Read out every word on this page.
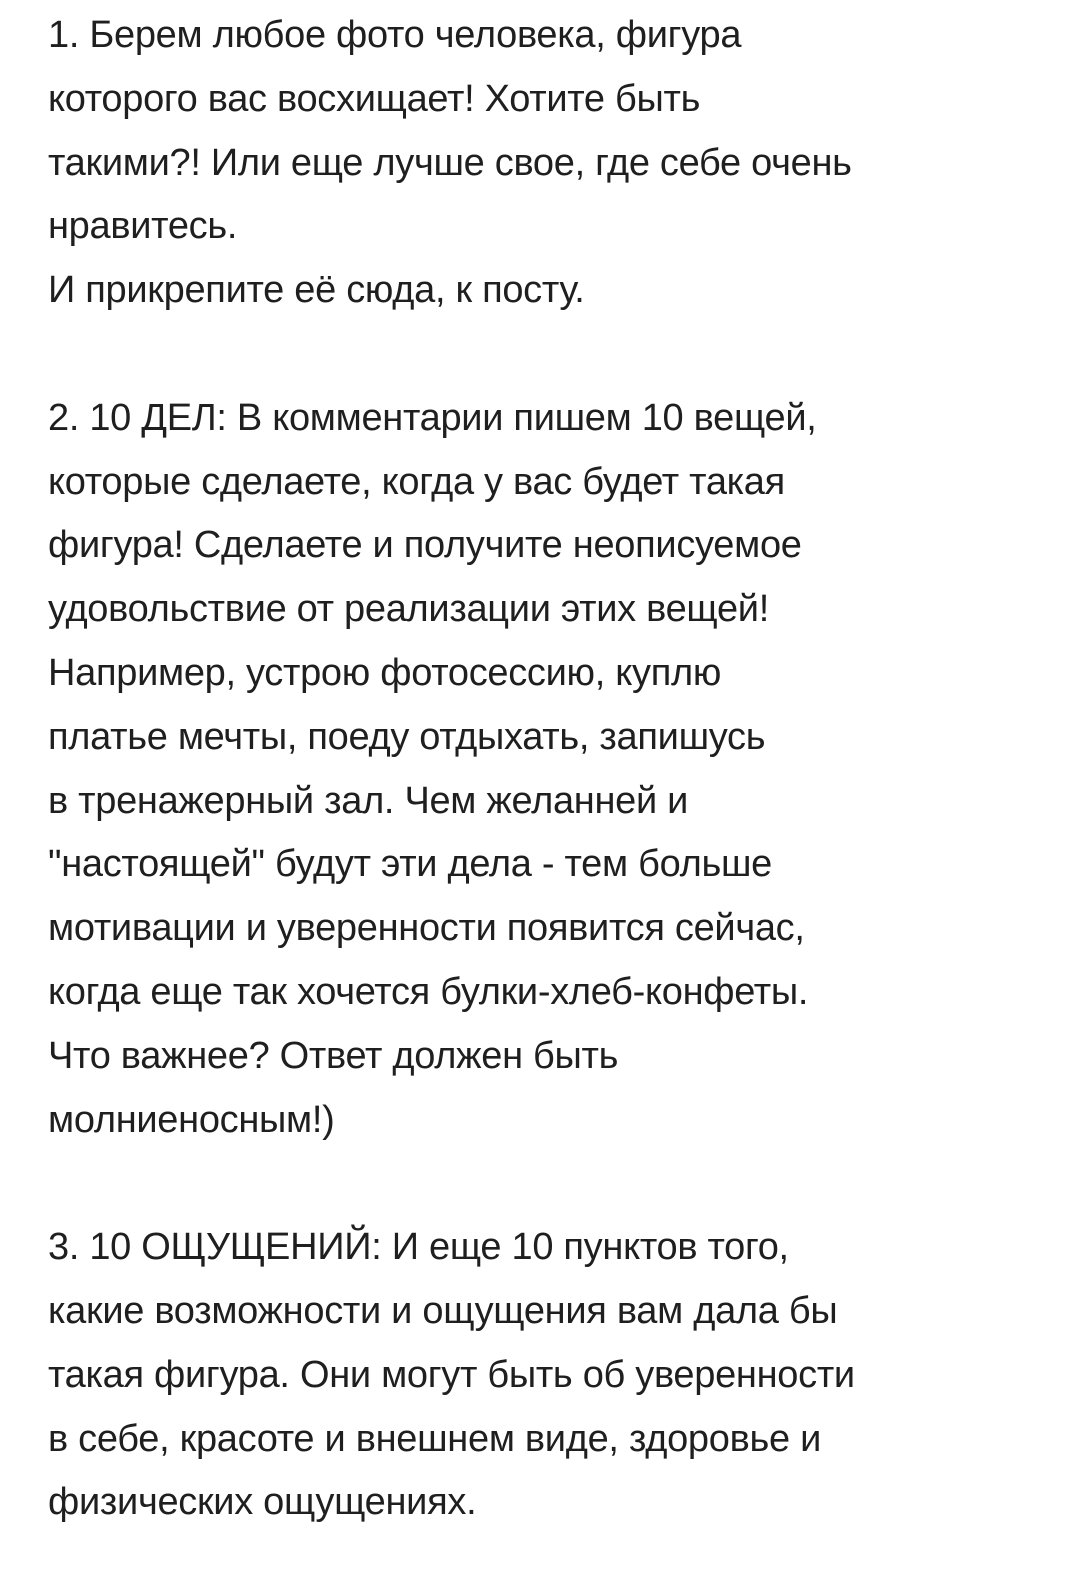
1. Берем любое фото человека, фигура
которого вас восхищает! Хотите быть
такими?! Или еще лучше свое, где себе очень
нравитесь.
И прикрепите её сюда, к посту.
2. 10 ДЕЛ: В комментарии пишем 10 вещей,
которые сделаете, когда у вас будет такая
фигура! Сделаете и получите неописуемое
удовольствие от реализации этих вещей!
Например, устрою фотосессию, куплю
платье мечты, поеду отдыхать, запишусь
в тренажерный зал. Чем желанней и
"настоящей" будут эти дела - тем больше
мотивации и уверенности появится сейчас,
когда еще так хочется булки-хлеб-конфеты.
Что важнее? Ответ должен быть
молниеносным!)
3. 10 ОЩУЩЕНИЙ: И еще 10 пунктов того,
какие возможности и ощущения вам дала бы
такая фигура. Они могут быть об уверенности
в себе, красоте и внешнем виде, здоровье и
физических ощущениях.
